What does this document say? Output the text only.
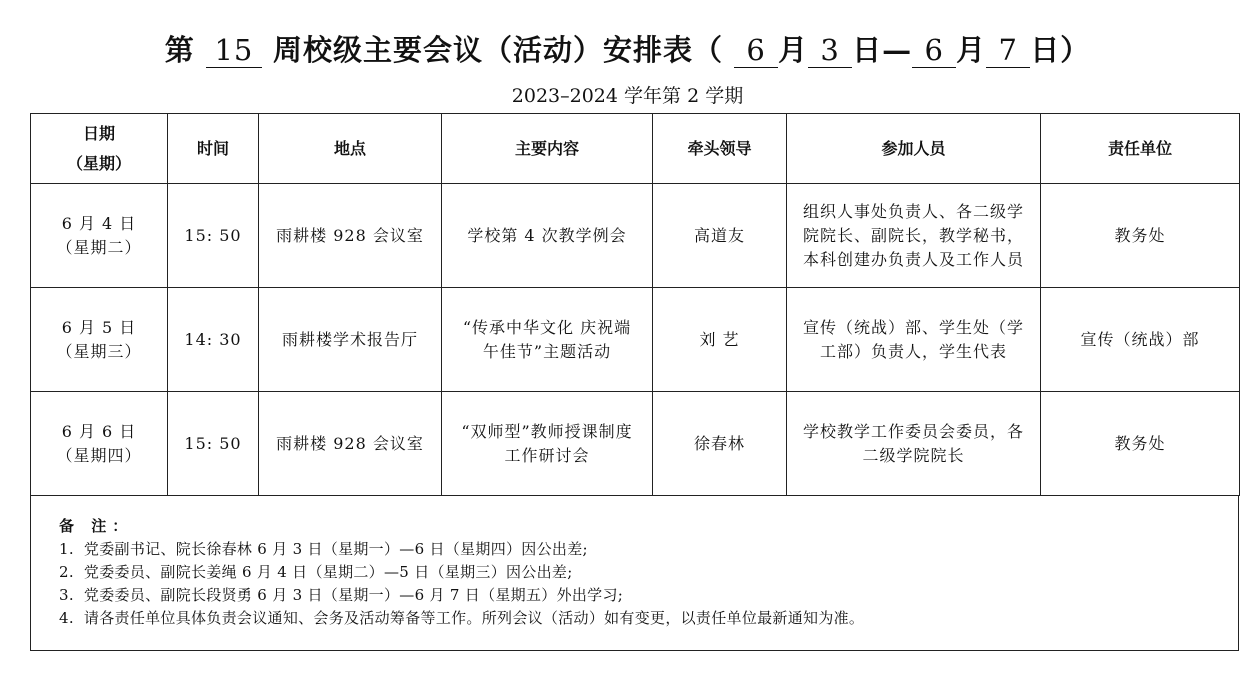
第 15 周校级主要会议（活动）安排表（ 6 月 3 日— 6 月 7 日）
2023–2024 学年第 2 学期
日期
（星期）	时间	地点	主要内容	牵头领导	参加人员	责任单位

6 月 4 日
（星期二）	15: 50	雨耕楼 928 会议室	学校第 4 次教学例会	高道友	组织人事处负责人、各二级学
院院长、副院长，教学秘书，
本科创建办负责人及工作人员	教务处

6 月 5 日
（星期三）	14: 30	雨耕楼学术报告厅	“传承中华文化 庆祝端
午佳节”主题活动	刘 艺	宣传（统战）部、学生处（学
工部）负责人，学生代表	宣传（统战）部

6 月 6 日
（星期四）	15: 50	雨耕楼 928 会议室	“双师型”教师授课制度
工作研讨会	徐春林	学校教学工作委员会委员，各
二级学院院长	教务处
备 注：
1. 党委副书记、院长徐春林 6 月 3 日（星期一）—6 日（星期四）因公出差;
2. 党委委员、副院长姜绳 6 月 4 日（星期二）—5 日（星期三）因公出差;
3. 党委委员、副院长段贤勇 6 月 3 日（星期一）—6 月 7 日（星期五）外出学习;
4. 请各责任单位具体负责会议通知、会务及活动筹备等工作。所列会议（活动）如有变更，以责任单位最新通知为准。
